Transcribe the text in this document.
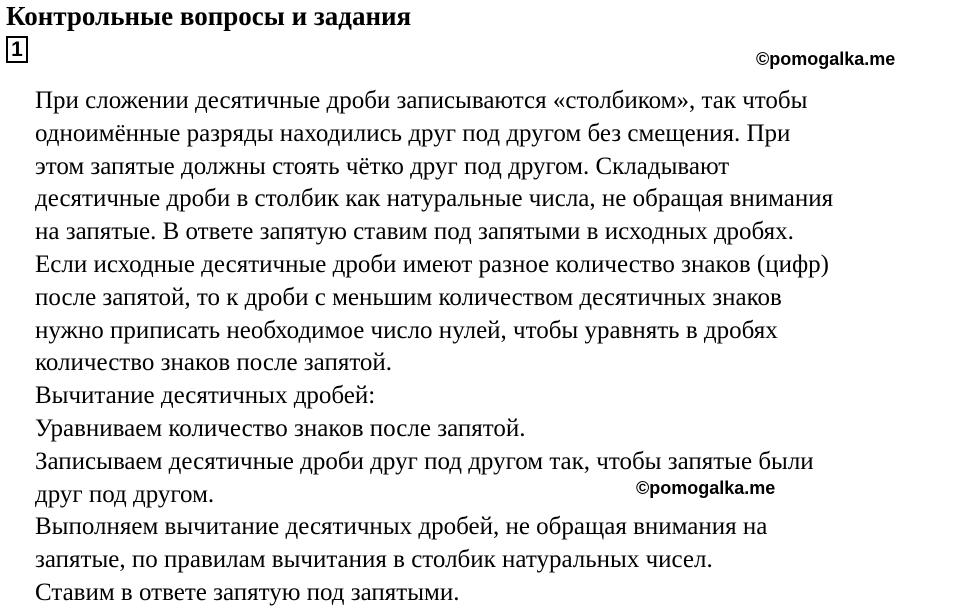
Контрольные вопросы и задания
1	©pomogalka.me
При сложении десятичные дроби записываются «столбиком», так чтобы
одноимённые разряды находились друг под другом без смещения. При
этом запятые должны стоять чётко друг под другом. Складывают
десятичные дроби в столбик как натуральные числа, не обращая внимания
на запятые. В ответе запятую ставим под запятыми в исходных дробях.
Если исходные десятичные дроби имеют разное количество знаков (цифр)
после запятой, то к дроби с меньшим количеством десятичных знаков
нужно приписать необходимое число нулей, чтобы уравнять в дробях
количество знаков после запятой.
Вычитание десятичных дробей:
Уравниваем количество знаков после запятой.
Записываем десятичные дроби друг под другом так, чтобы запятые были
друг под другом.
Выполняем вычитание десятичных дробей, не обращая внимания на
запятые, по правилам вычитания в столбик натуральных чисел.
Ставим в ответе запятую под запятыми.
©pomogalka.me
